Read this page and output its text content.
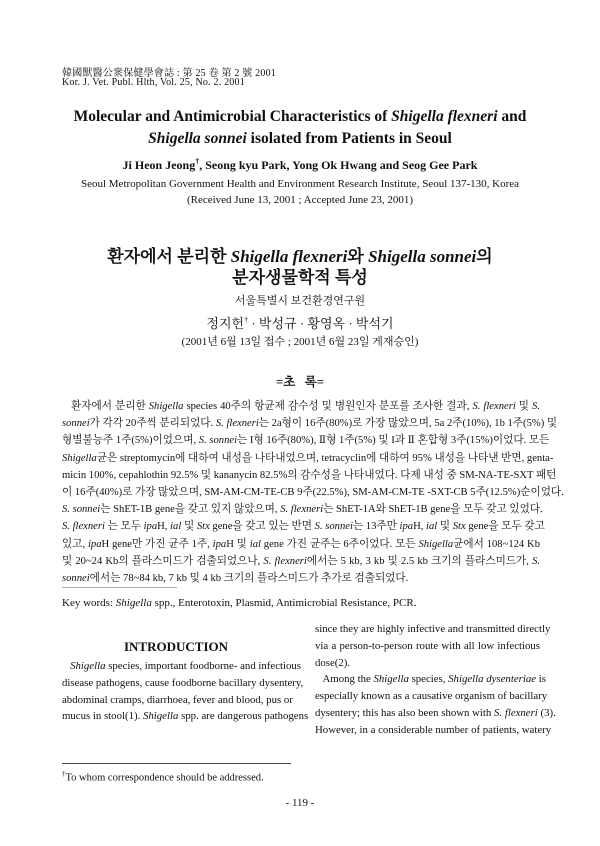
韓國獸醫公衆保健學會誌 : 第 25 卷 第 2 號 2001
Kor. J. Vet. Publ. Hlth, Vol. 25, No. 2. 2001
Molecular and Antimicrobial Characteristics of Shigella flexneri and
Shigella sonnei isolated from Patients in Seoul
Ji Heon Jeong†, Seong kyu Park, Yong Ok Hwang and Seog Gee Park
Seoul Metropolitan Government Health and Environment Research Institute, Seoul 137-130, Korea
(Received June 13, 2001 ; Accepted June 23, 2001)
환자에서 분리한 Shigella flexneri와 Shigella sonnei의
분자생물학적 특성
서울특별시 보건환경연구원
정지헌† · 박성규 · 황영옥 · 박석기
(2001년 6월 13일 접수 ; 2001년 6월 23일 게재승인)
=초   록=
환자에서 분리한 Shigella species 40주의 항균제 감수성 및 병원인자 분포를 조사한 결과, S. flexneri 및 S.
sonnei가 각각 20주씩 분리되었다. S. flexneri는 2a형이 16주(80%)로 가장 많았으며, 5a 2주(10%), 1b 1주(5%) 및
형별불능주 1주(5%)이었으며, S. sonnei는 I형 16주(80%), Ⅱ형 1주(5%) 및 I과 Ⅱ 혼합형 3주(15%)이었다. 모든
Shigella균은 streptomycin에 대하여 내성을 나타내었으며, tetracyclin에 대하여 95% 내성을 나타낸 반면, genta-
micin 100%, cepahlothin 92.5% 및 kananycin 82.5%의 감수성을 나타내었다. 다제 내성 중 SM-NA-TE-SXT 패턴
이 16주(40%)로 가장 많았으며, SM-AM-CM-TE-CB 9주(22.5%), SM-AM-CM-TE -SXT-CB 5주(12.5%)순이었다.
S. sonnei는 ShET-1B gene을 갖고 있지 않았으며, S. flexneri는 ShET-1A와 ShET-1B gene을 모두 갖고 있었다.
S. flexneri 는 모두 ipaH, ial 및 Stx gene을 갖고 있는 반면 S. sonnei는 13주만 ipaH, ial 및 Stx gene을 모두 갖고
있고, ipaH gene만 가진 균주 1주, ipaH 및 ial gene 가진 균주는 6주이었다. 모든 Shigella균에서 108~124 Kb
및 20~24 Kb의 플라스미드가 검출되었으나, S. flexneri에서는 5 kb, 3 kb 및 2.5 kb 크기의 플라스미드가, S.
sonnei에서는 78~84 kb, 7 kb 및 4 kb 크기의 플라스미드가 추가로 검출되었다.
Key words: Shigella spp., Enterotoxin, Plasmid, Antimicrobial Resistance, PCR.
INTRODUCTION
Shigella species, important foodborne- and infectious
disease pathogens, cause foodborne bacillary dysentery,
abdominal cramps, diarrhoea, fever and blood, pus or
mucus in stool(1). Shigella spp. are dangerous pathogens
since they are highly infective and transmitted directly
via a person-to-person route with all low infectious
dose(2).
Among the Shigella species, Shigella dysenteriae is
especially known as a causative organism of bacillary
dysentery; this has also been shown with S. flexneri (3).
However, in a considerable number of patients, watery
†To whom correspondence should be addressed.
- 119 -
